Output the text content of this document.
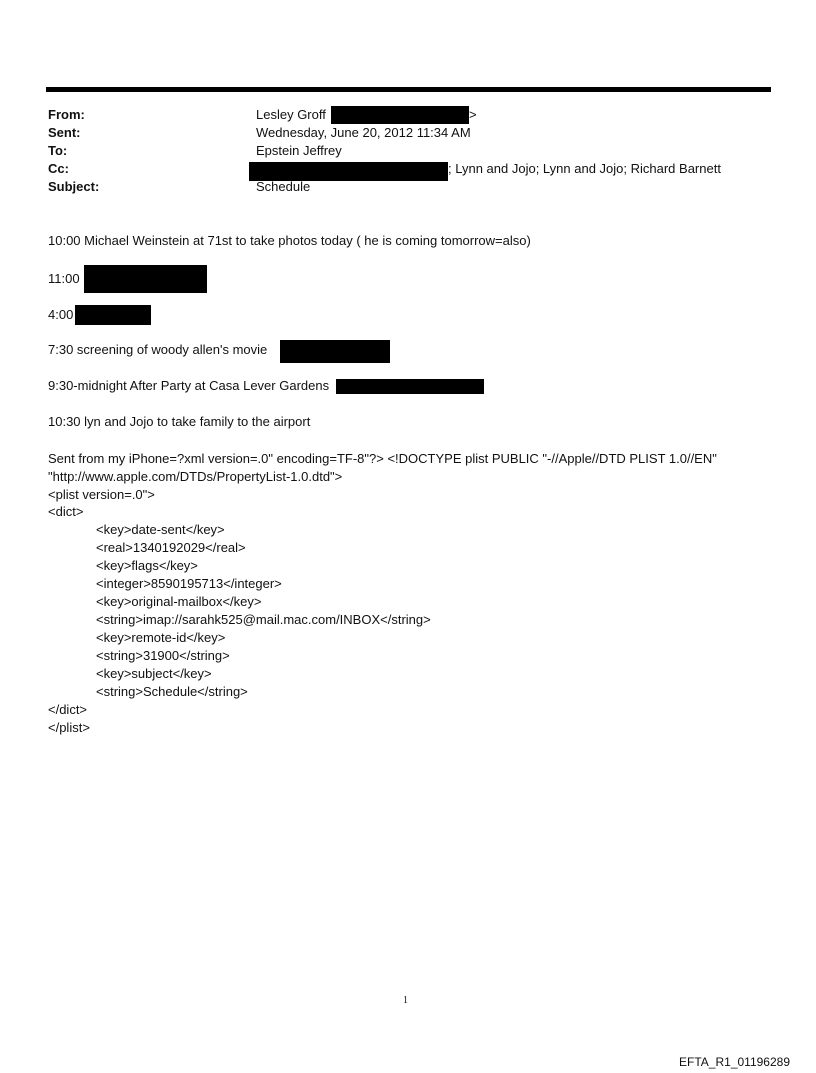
From:	Lesley Groff	>
Sent:	Wednesday, June 20, 2012 11:34 AM
To:	Epstein Jeffrey
Cc:	; Lynn and Jojo; Lynn and Jojo; Richard Barnett
Subject:	Schedule
10:00 Michael Weinstein at 71st to take photos today ( he is coming tomorrow=also)
11:00
4:00
7:30 screening of woody allen's movie
9:30-midnight After Party at Casa Lever Gardens
10:30 lyn and Jojo to take family to the airport
Sent from my iPhone=?xml version=.0" encoding=TF-8"?> <!DOCTYPE plist PUBLIC "-//Apple//DTD PLIST 1.0//EN"
"http://www.apple.com/DTDs/PropertyList-1.0.dtd">
<plist version=.0">
<dict>
<key>date-sent</key>
<real>1340192029</real>
<key>flags</key>
<integer>8590195713</integer>
<key>original-mailbox</key>
<string>imap://sarahk525@mail.mac.com/INBOX</string>
<key>remote-id</key>
<string>31900</string>
<key>subject</key>
<string>Schedule</string>
</dict>
</plist>
1
EFTA_R1_01196289
